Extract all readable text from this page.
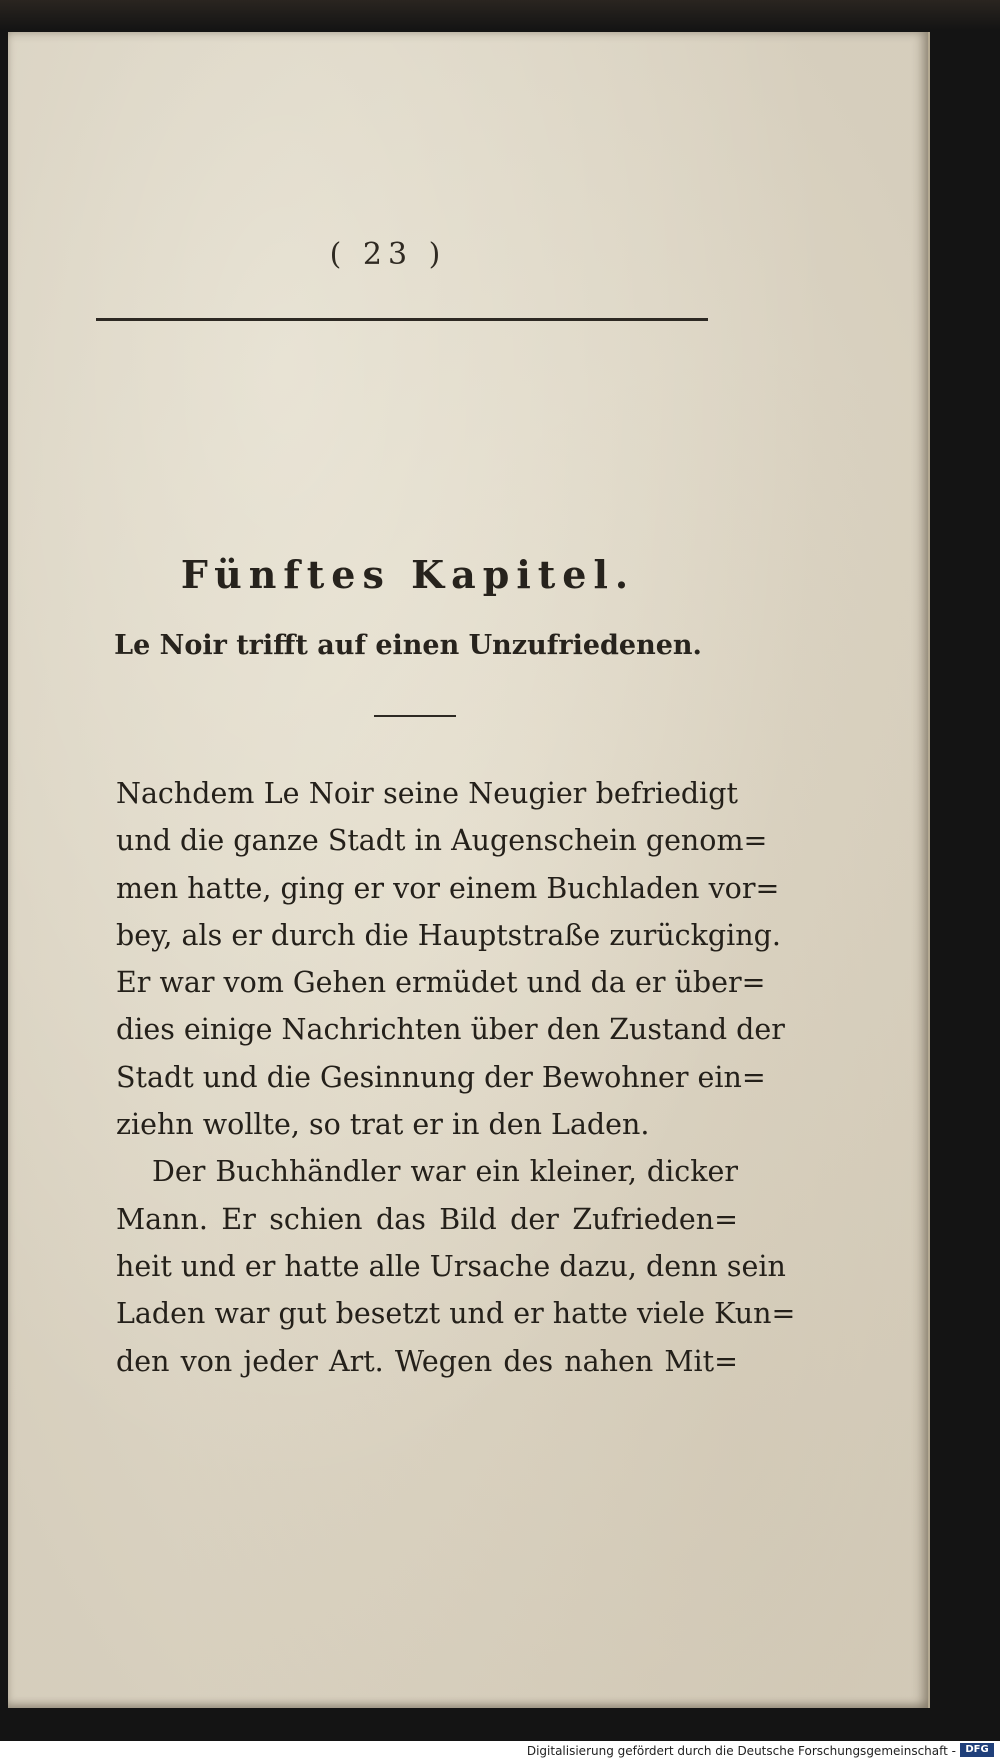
( 23 )
Fünftes Kapitel.
Le Noir trifft auf einen Unzufriedenen.
Nachdem Le Noir seine Neugier befriedigt
und die ganze Stadt in Augenschein genom=
men hatte, ging er vor einem Buchladen vor=
bey, als er durch die Hauptstraße zurückging.
Er war vom Gehen ermüdet und da er über=
dies einige Nachrichten über den Zustand der
Stadt und die Gesinnung der Bewohner ein=
ziehn wollte, so trat er in den Laden.
Der Buchhändler war ein kleiner, dicker
Mann. Er schien das Bild der Zufrieden=
heit und er hatte alle Ursache dazu, denn sein
Laden war gut besetzt und er hatte viele Kun=
den von jeder Art. Wegen des nahen Mit=
Digitalisierung gefördert durch die Deutsche Forschungsgemeinschaft - DFG
